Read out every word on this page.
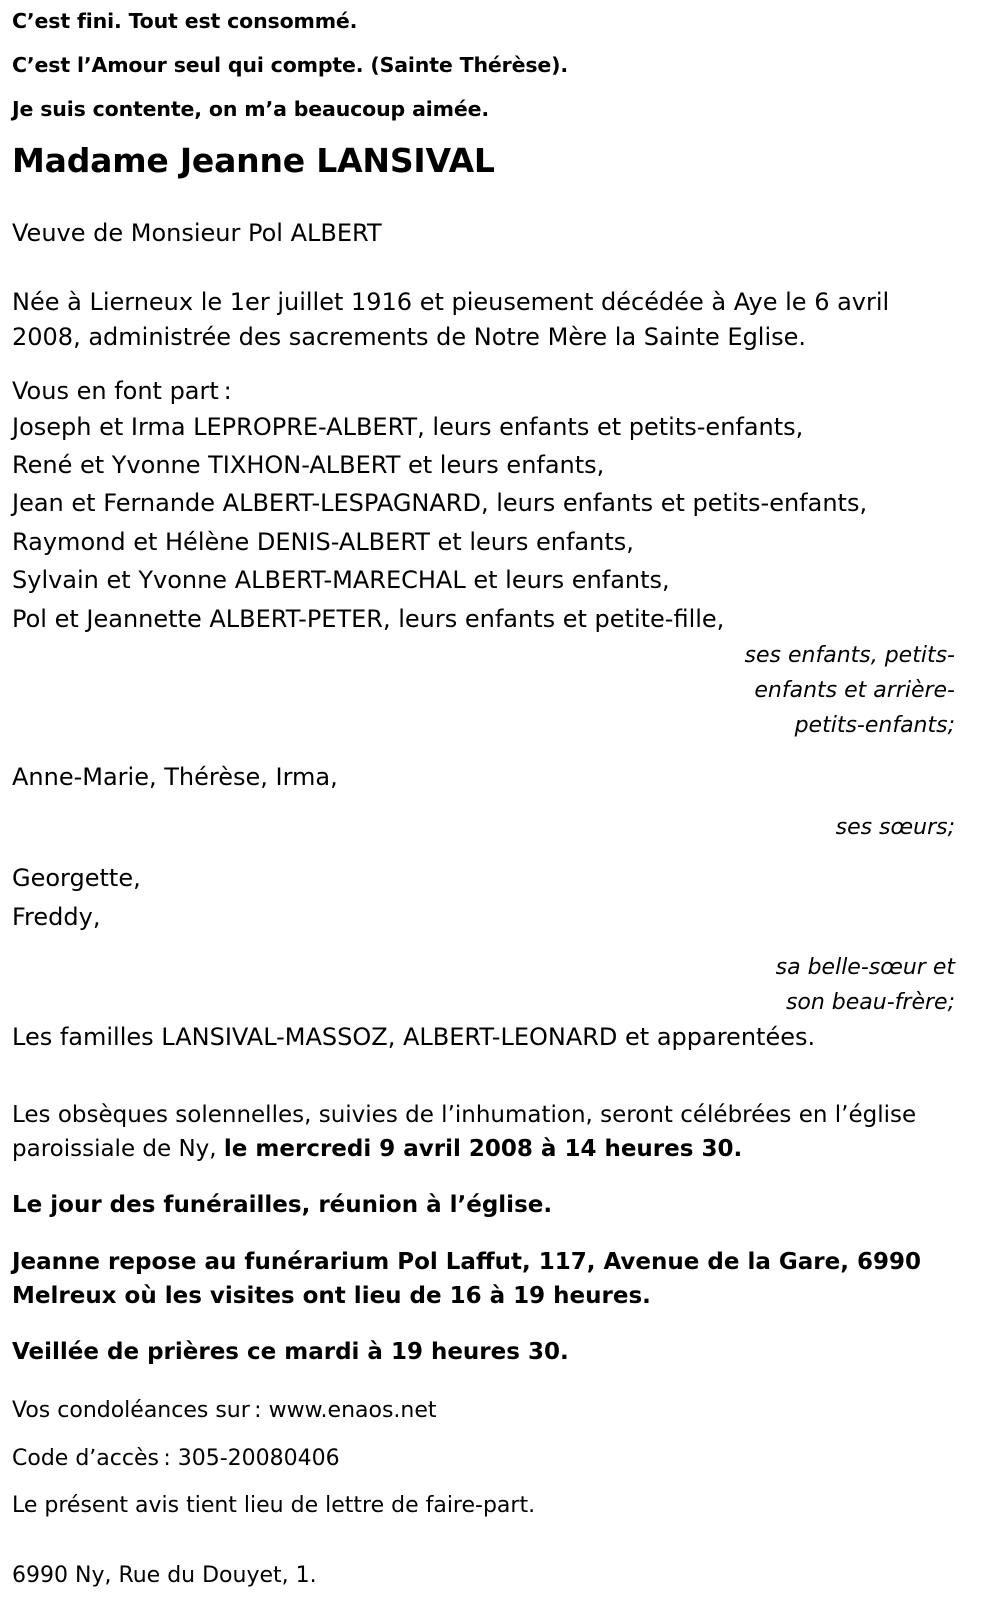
Cʼest fini. Tout est consommé.

Cʼest lʼAmour seul qui compte. (Sainte Thérèse).

Je suis contente, on mʼa beaucoup aimée.

Madame Jeanne LANSIVAL

Veuve de Monsieur Pol ALBERT

Née à Lierneux le 1er juillet 1916 et pieusement décédée à Aye le 6 avril 2008, administrée des sacrements de Notre Mère la Sainte Eglise.

Vous en font part :

Joseph et Irma LEPROPRE-ALBERT, leurs enfants et petits-enfants,
René et Yvonne TIXHON-ALBERT et leurs enfants,
Jean et Fernande ALBERT-LESPAGNARD, leurs enfants et petits-enfants,
Raymond et Hélène DENIS-ALBERT et leurs enfants,
Sylvain et Yvonne ALBERT-MARECHAL et leurs enfants,
Pol et Jeannette ALBERT-PETER, leurs enfants et petite-fille,

ses enfants, petits-

enfants et arrière-

petits-enfants;

Anne-Marie, Thérèse, Irma,

ses sœurs;

Georgette,

Freddy,

sa belle-sœur et

son beau-frère;

Les familles LANSIVAL-MASSOZ, ALBERT-LEONARD et apparentées.

Les obsèques solennelles, suivies de lʼinhumation, seront célébrées en lʼéglise paroissiale de Ny, le mercredi 9 avril 2008 à 14 heures 30.

Le jour des funérailles, réunion à lʼéglise.

Jeanne repose au funérarium Pol Laffut, 117, Avenue de la Gare, 6990 Melreux où les visites ont lieu de 16 à 19 heures.

Veillée de prières ce mardi à 19 heures 30.

Vos condoléances sur : www.enaos.net

Code dʼaccès : 305-20080406

Le présent avis tient lieu de lettre de faire-part.

6990 Ny, Rue du Douyet, 1.
